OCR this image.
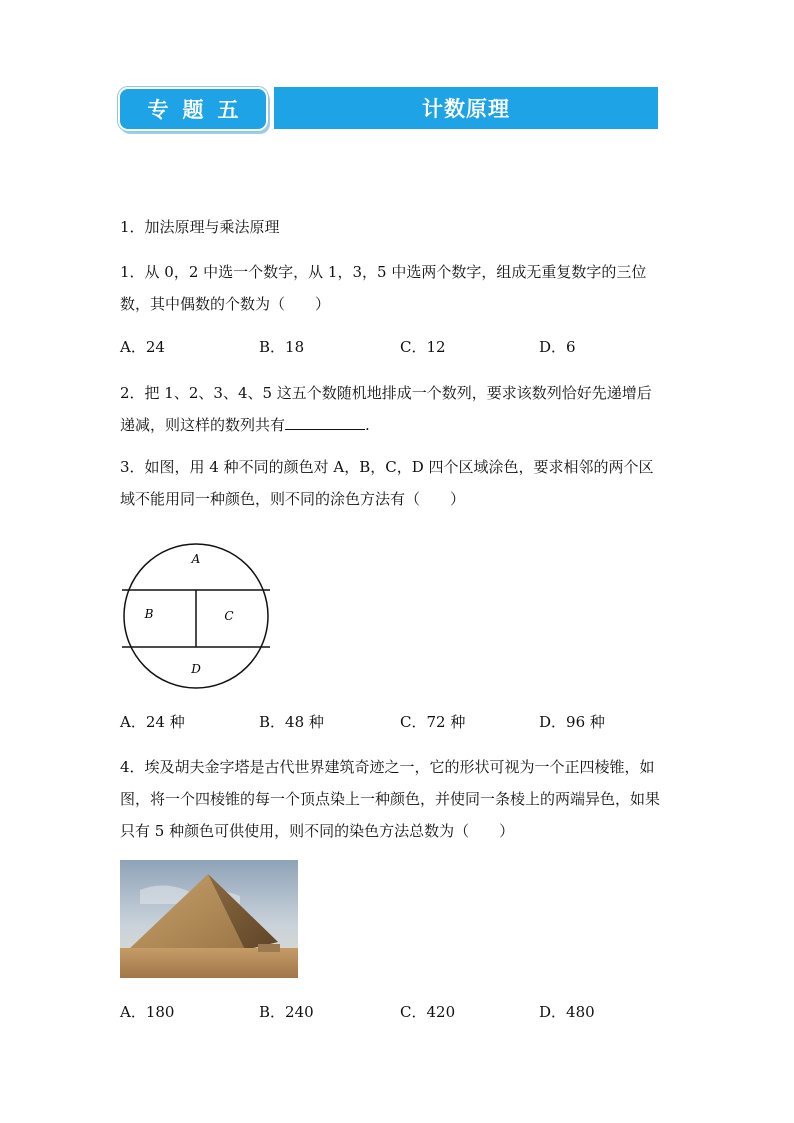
专题五	计数原理
1．加法原理与乘法原理
1．从 0，2 中选一个数字，从 1，3，5 中选两个数字，组成无重复数字的三位数，其中偶数的个数为（　　）
A．24	B．18	C．12	D．6
2．把 1、2、3、4、5 这五个数随机地排成一个数列，要求该数列恰好先递增后递减，则这样的数列共有	.
3．如图，用 4 种不同的颜色对 A，B，C，D 四个区域涂色，要求相邻的两个区域不能用同一种颜色，则不同的涂色方法有（　　）
A
B	C
D
A．24 种	B．48 种	C．72 种	D．96 种
4．埃及胡夫金字塔是古代世界建筑奇迹之一，它的形状可视为一个正四棱锥，如图，将一个四棱锥的每一个顶点染上一种颜色，并使同一条棱上的两端异色，如果只有 5 种颜色可供使用，则不同的染色方法总数为（　　）
A．180	B．240	C．420	D．480
